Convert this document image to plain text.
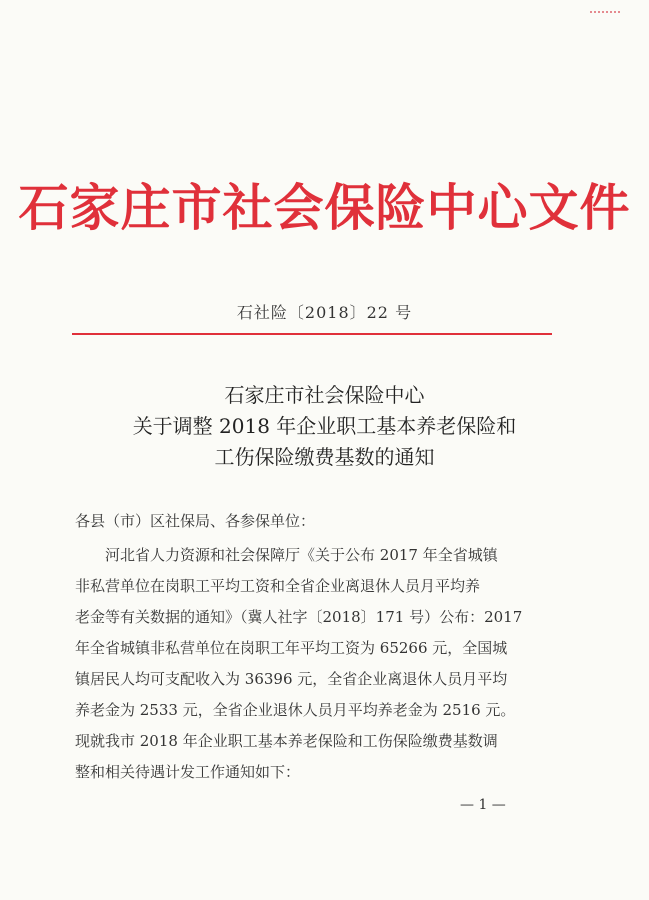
石家庄市社会保险中心文件
石社险〔2018〕22 号
石家庄市社会保险中心
关于调整 2018 年企业职工基本养老保险和
工伤保险缴费基数的通知
各县（市）区社保局、各参保单位：
　　河北省人力资源和社会保障厅《关于公布 2017 年全省城镇
非私营单位在岗职工平均工资和全省企业离退休人员月平均养
老金等有关数据的通知》（冀人社字〔2018〕171 号）公布：2017
年全省城镇非私营单位在岗职工年平均工资为 65266 元，全国城
镇居民人均可支配收入为 36396 元，全省企业离退休人员月平均
养老金为 2533 元，全省企业退休人员月平均养老金为 2516 元。
现就我市 2018 年企业职工基本养老保险和工伤保险缴费基数调
整和相关待遇计发工作通知如下：
— 1 —
